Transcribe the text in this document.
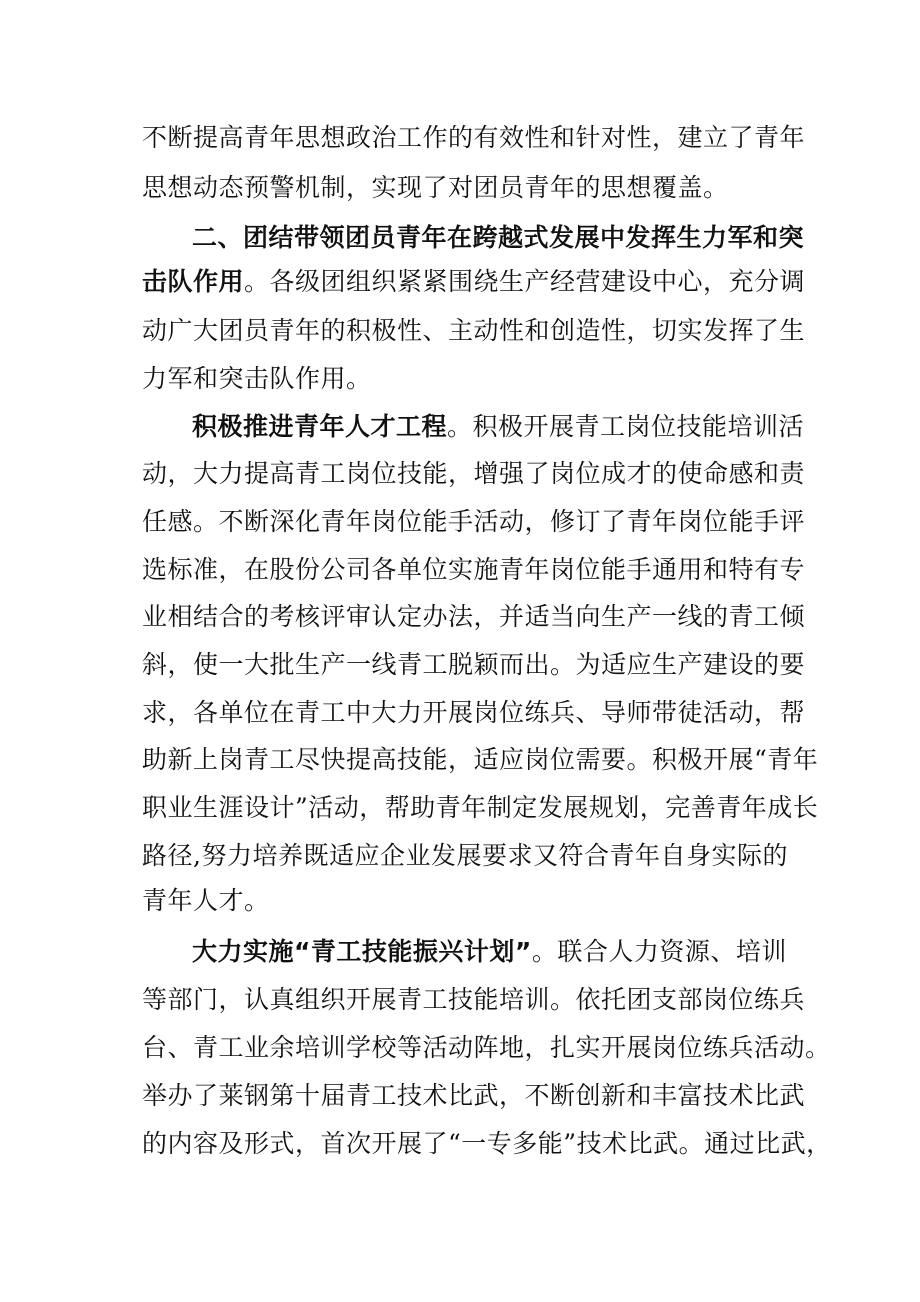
不断提高青年思想政治工作的有效性和针对性，建立了青年
思想动态预警机制，实现了对团员青年的思想覆盖。
二、团结带领团员青年在跨越式发展中发挥生力军和突
击队作用。各级团组织紧紧围绕生产经营建设中心，充分调
动广大团员青年的积极性、主动性和创造性，切实发挥了生
力军和突击队作用。
积极推进青年人才工程。积极开展青工岗位技能培训活
动，大力提高青工岗位技能，增强了岗位成才的使命感和责
任感。不断深化青年岗位能手活动，修订了青年岗位能手评
选标准，在股份公司各单位实施青年岗位能手通用和特有专
业相结合的考核评审认定办法，并适当向生产一线的青工倾
斜，使一大批生产一线青工脱颖而出。为适应生产建设的要
求，各单位在青工中大力开展岗位练兵、导师带徒活动，帮
助新上岗青工尽快提高技能，适应岗位需要。积极开展“青年
职业生涯设计”活动，帮助青年制定发展规划，完善青年成长
路径,努力培养既适应企业发展要求又符合青年自身实际的
青年人才。
大力实施“青工技能振兴计划”。联合人力资源、培训
等部门，认真组织开展青工技能培训。依托团支部岗位练兵
台、青工业余培训学校等活动阵地，扎实开展岗位练兵活动。
举办了莱钢第十届青工技术比武，不断创新和丰富技术比武
的内容及形式，首次开展了“一专多能”技术比武。通过比武，
